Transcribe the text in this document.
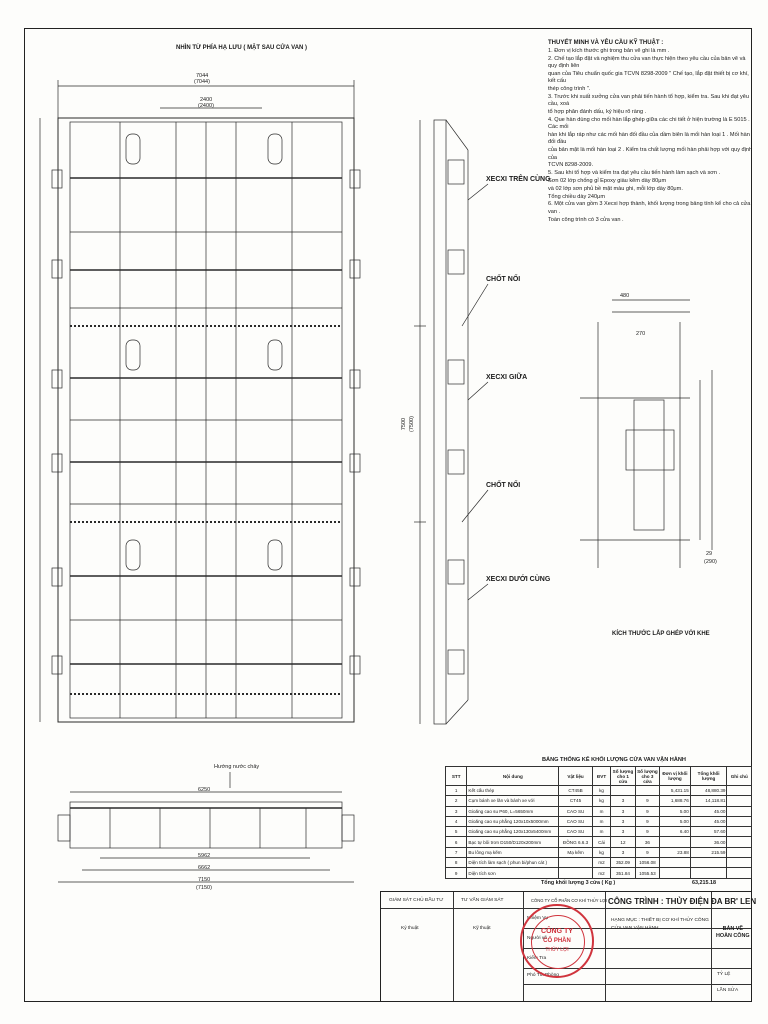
NHÌN TỪ PHÍA HẠ LƯU ( MẶT SAU CỬA VAN )
7044
(7044)
2400
(2400)
7500 (7500)
XECXI TRÊN CÙNG
CHỐT NỐI
XECXI GIỮA
CHỐT NỐI
XECXI DƯỚI CÙNG
Hướng nước chảy
6250
5962
6662
7150
(7150)
480
270
29
(290)
KÍCH THƯỚC LẮP GHÉP VỚI KHE
THUYẾT MINH VÀ YÊU CẦU KỸ THUẬT :
1. Đơn vị kích thước ghi trong bản vẽ ghi là mm .
2. Chế tạo lắp đặt và nghiệm thu cửa van thực hiện theo yêu cầu của bản vẽ và quy định liên
quan của Tiêu chuẩn quốc gia TCVN 8298-2009 " Chế tạo, lắp đặt thiết bị cơ khí, kết cấu
thép công trình ".
3. Trước khi xuất xưởng cửa van phải tiến hành tổ hợp, kiểm tra. Sau khi đạt yêu cầu, xoá
tổ hợp phân đánh dấu, ký hiệu rõ ràng .
4. Que hàn dùng cho mối hàn lắp ghép giữa các chi tiết ở hiện trường là E 5015 . Các mối
hàn khi lắp ráp như các mối hàn đối đầu của dầm biên là mối hàn loại 1 . Mối hàn đối đầu
của bản mặt là mối hàn loại 2 . Kiểm tra chất lượng mối hàn phải hợp với quy định của
TCVN 8298-2009.
5. Sau khi tổ hợp và kiểm tra đạt yêu cầu tiến hành làm sạch và sơn .
Sơn 02 lớp chống gỉ Epoxy giàu kẽm dày 80μm
và 02 lớp sơn phủ bề mặt màu ghi, mỗi lớp dày 80μm.
Tổng chiều dày 240μm
6. Một cửa van gồm 3 Xecxi hợp thành, khối lượng trong bảng tính kể cho cả cửa van .
Toàn công trình có 3 cửa van .
BẢNG THỐNG KÊ KHỐI LƯỢNG CỬA VAN VẬN HÀNH
STT	Nội dung	Vật liệu	ĐVT	Số lượng cho 1 cửa	Số lượng cho 3 cửa	Đơn vị khối lượng	Tổng khối lượng	Ghi chú
1	Kết cấu thép	CT45B	kg			5,431.15	48,880.39	
2	Cụm bánh xe lăn và bánh xe với	CT45	kg	3	9	1,688.76	14,118.81	
3	Gioăng cao su P60, L=5650mm	CAO SU	m	3	9	5.00	45.00	
4	Gioăng cao su phẳng 120x10x5000mm	CAO SU	m	3	9	5.00	45.00	
5	Gioăng cao su phẳng 120x130x5400mm	CAO SU	m	3	9	6.40	57.60	
6	Bạc tự bôi trơn D150/D120x200mm	ĐỒNG 6.6.3	Cái	12	36		36.00	
7	Bu lông mạ kẽm	Mạ kẽm	kg	3	9	23.88	215.59	
8	Diện tích làm sạch ( phun bi/phun cát )		m2	352.09	1056.08			
9	Diện tích sơn		m2	351.84	1055.53			
Tổng khối lượng 3 cửa ( Kg )	63,215.18
GIÁM SÁT CHỦ ĐẦU TƯ	TƯ VẤN GIÁM SÁT	CÔNG TY CỔ PHẦN CƠ KHÍ THỦY LỢI
Ký thuật	Kỹ thuật
Nhiệm Vụ
Người vẽ
Kiểm Tra
Phó Tổ. Phòng
HẠNG MỤC : THIẾT BỊ CƠ KHÍ THỦY CÔNG
CỬA VAN VẬN HÀNH
TỶ LỆ
LẦN SỬA
CÔNG TRÌNH : THỦY ĐIỆN ĐA BR' LEN
BẢN VẼ
HOÀN CÔNG
CÔNG TY
CỔ PHẦN
THỦY LỢI
